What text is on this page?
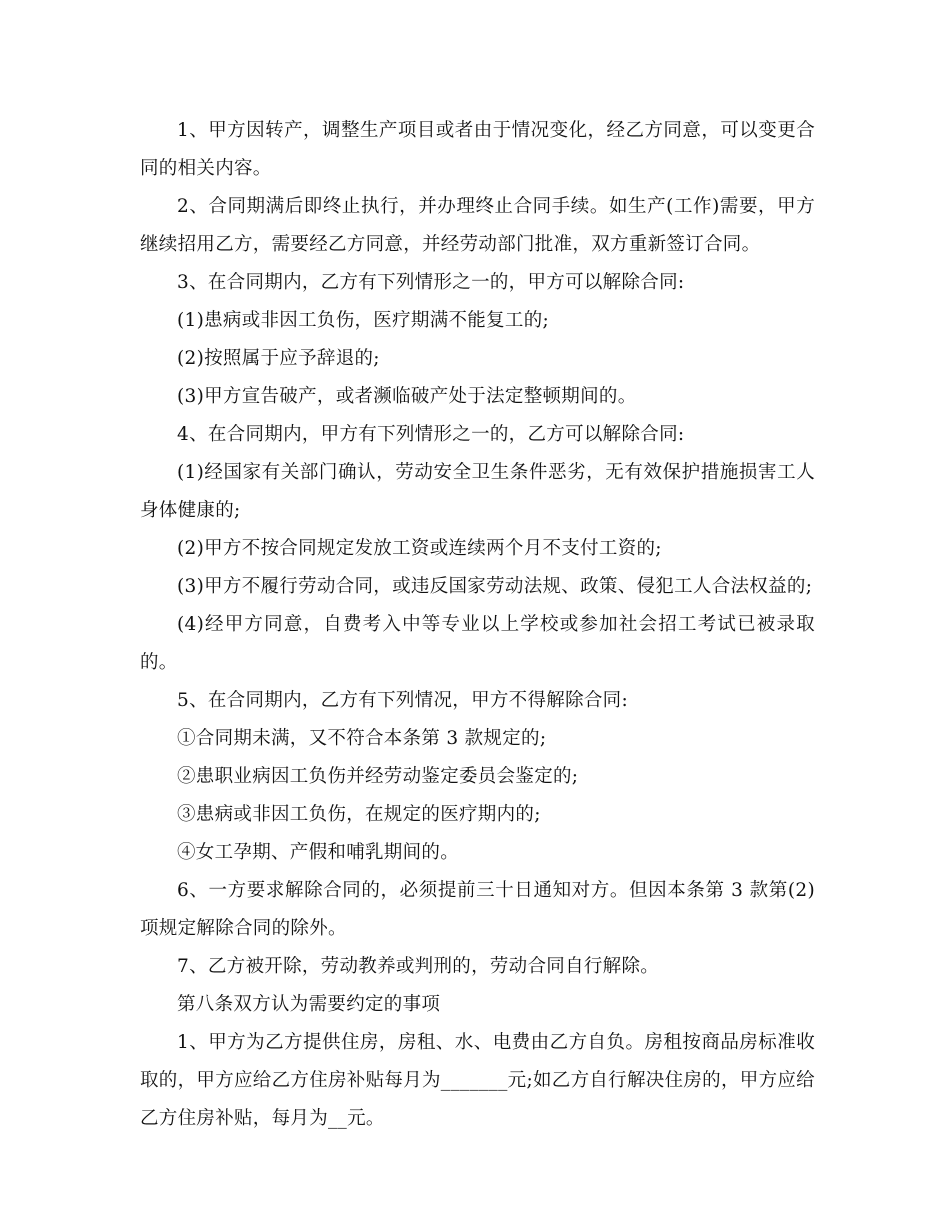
1、甲方因转产，调整生产项目或者由于情况变化，经乙方同意，可以变更合同的相关内容。

2、合同期满后即终止执行，并办理终止合同手续。如生产(工作)需要，甲方继续招用乙方，需要经乙方同意，并经劳动部门批准，双方重新签订合同。

3、在合同期内，乙方有下列情形之一的，甲方可以解除合同:

(1)患病或非因工负伤，医疗期满不能复工的;

(2)按照属于应予辞退的;

(3)甲方宣告破产，或者濒临破产处于法定整顿期间的。

4、在合同期内，甲方有下列情形之一的，乙方可以解除合同:

(1)经国家有关部门确认，劳动安全卫生条件恶劣，无有效保护措施损害工人身体健康的;

(2)甲方不按合同规定发放工资或连续两个月不支付工资的;

(3)甲方不履行劳动合同，或违反国家劳动法规、政策、侵犯工人合法权益的;

(4)经甲方同意，自费考入中等专业以上学校或参加社会招工考试已被录取的。

5、在合同期内，乙方有下列情况，甲方不得解除合同:

①合同期未满，又不符合本条第 3 款规定的;

②患职业病因工负伤并经劳动鉴定委员会鉴定的;

③患病或非因工负伤，在规定的医疗期内的;

④女工孕期、产假和哺乳期间的。

6、一方要求解除合同的，必须提前三十日通知对方。但因本条第 3 款第(2)项规定解除合同的除外。

7、乙方被开除，劳动教养或判刑的，劳动合同自行解除。

第八条双方认为需要约定的事项

1、甲方为乙方提供住房，房租、水、电费由乙方自负。房租按商品房标准收取的，甲方应给乙方住房补贴每月为_______元;如乙方自行解决住房的，甲方应给乙方住房补贴，每月为__元。
